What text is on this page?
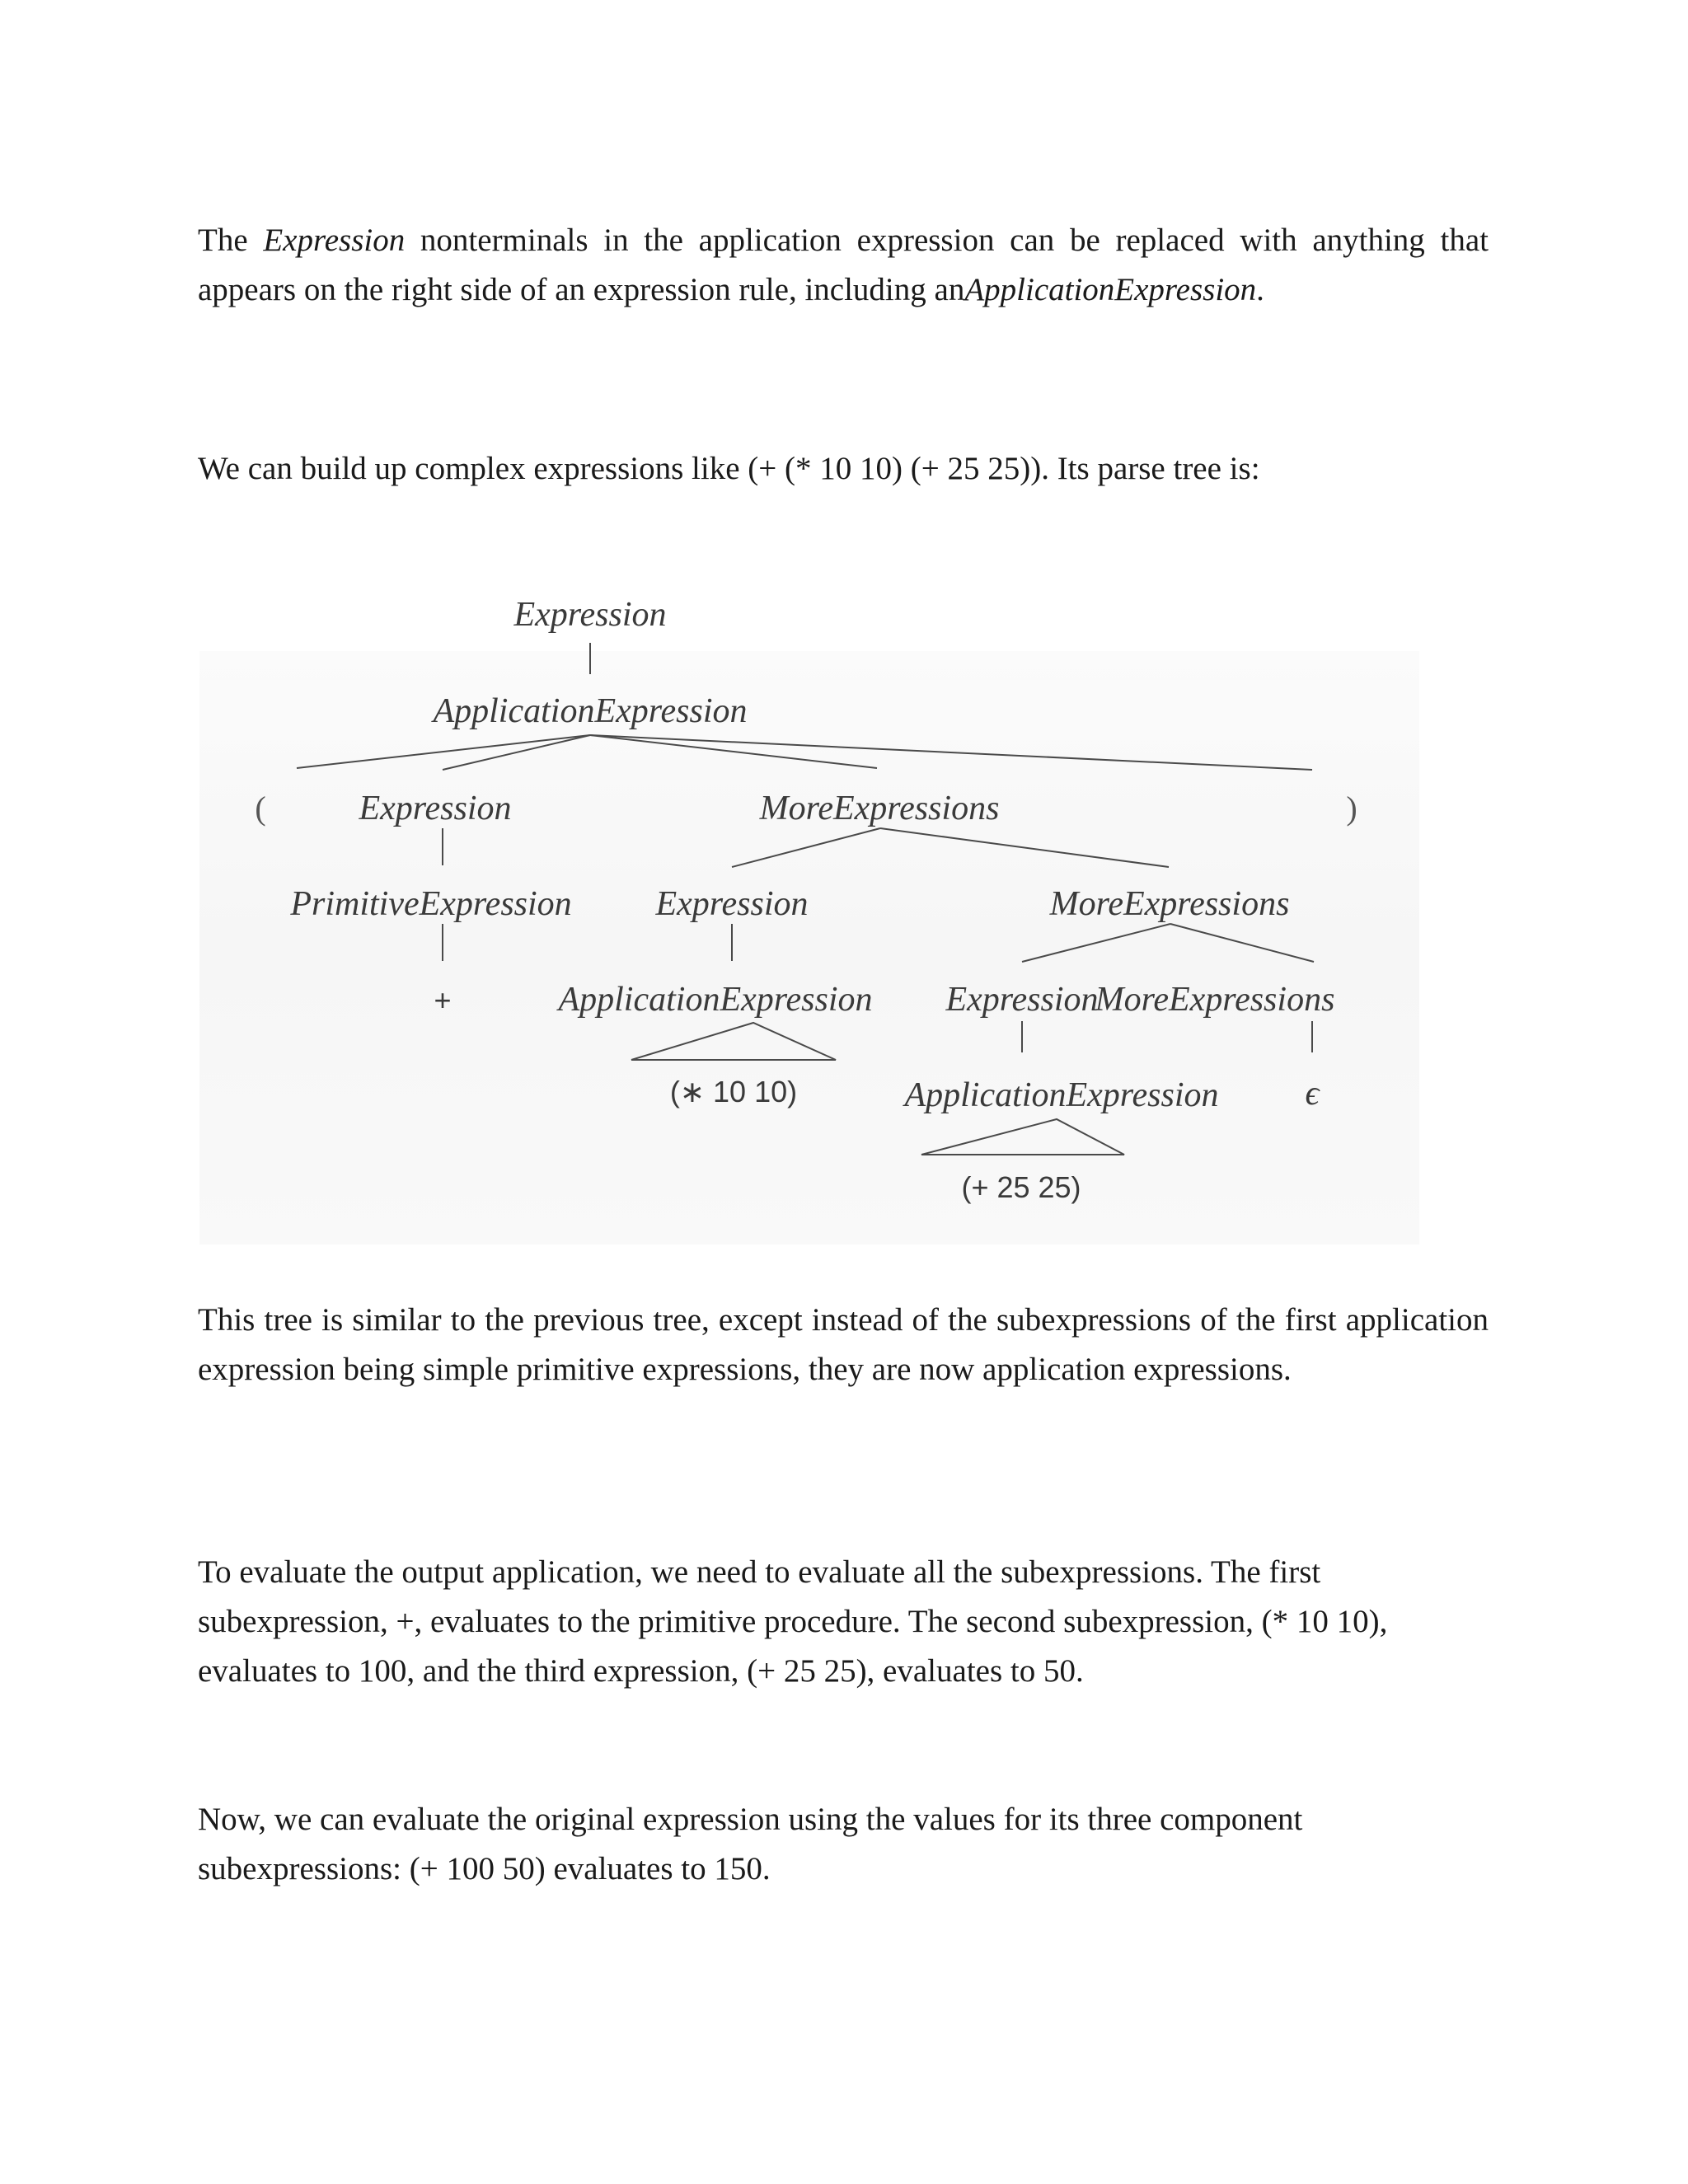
The Expression nonterminals in the application expression can be replaced with anything that appears on the right side of an expression rule, including anApplicationExpression.

We can build up complex expressions like (+ (* 10 10) (+ 25 25)). Its parse tree is:

Expression
ApplicationExpression
(	Expression	MoreExpressions	)
PrimitiveExpression Expression	MoreExpressions
+	ApplicationExpression Expression
MoreExpressions
(∗ 10 10)	ApplicationExpression	ϵ
(+ 25 25)

This tree is similar to the previous tree, except instead of the subexpressions of the first application expression being simple primitive expressions, they are now application expressions.

To evaluate the output application, we need to evaluate all the subexpressions. The first subexpression, +, evaluates to the primitive procedure. The second subexpression, (* 10 10), evaluates to 100, and the third expression, (+ 25 25), evaluates to 50.

Now, we can evaluate the original expression using the values for its three component subexpressions: (+ 100 50) evaluates to 150.
